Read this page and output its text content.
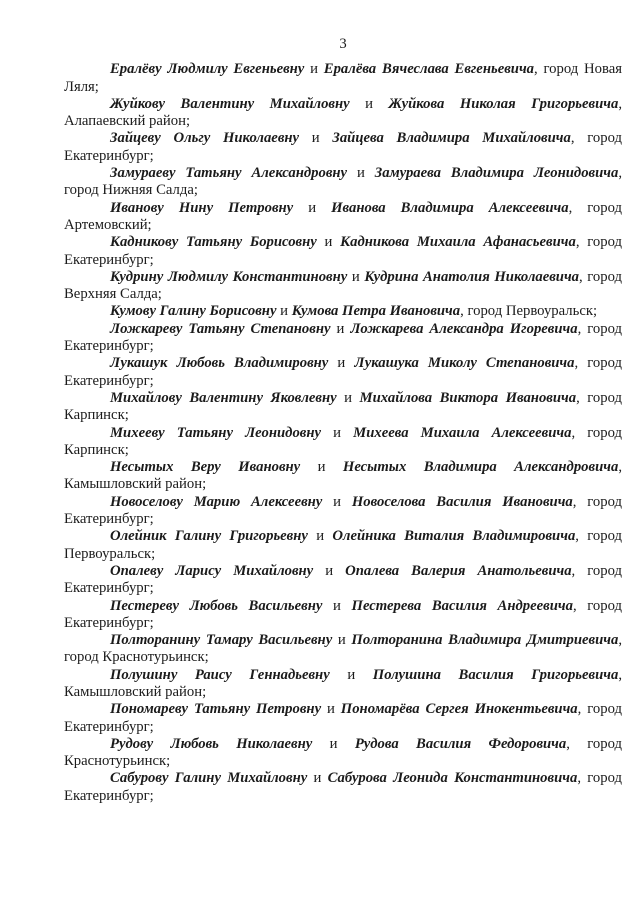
3

Ералёву Людмилу Евгеньевну и Ералёва Вячеслава Евгеньевича, город Новая Ляля;

Жуйкову Валентину Михайловну и Жуйкова Николая Григорьевича, Алапаевский район;

Зайцеву Ольгу Николаевну и Зайцева Владимира Михайловича, город Екатеринбург;

Замураеву Татьяну Александровну и Замураева Владимира Леонидовича, город Нижняя Салда;

Иванову Нину Петровну и Иванова Владимира Алексеевича, город Артемовский;

Кадникову Татьяну Борисовну и Кадникова Михаила Афанасьевича, город Екатеринбург;

Кудрину Людмилу Константиновну и Кудрина Анатолия Николаевича, город Верхняя Салда;

Кумову Галину Борисовну и Кумова Петра Ивановича, город Первоуральск;

Ложкареву Татьяну Степановну и Ложкарева Александра Игоревича, город Екатеринбург;

Лукашук Любовь Владимировну и Лукашука Миколу Степановича, город Екатеринбург;

Михайлову Валентину Яковлевну и Михайлова Виктора Ивановича, город Карпинск;

Михееву Татьяну Леонидовну и Михеева Михаила Алексеевича, город Карпинск;

Несытых Веру Ивановну и Несытых Владимира Александровича, Камышловский район;

Новоселову Марию Алексеевну и Новоселова Василия Ивановича, город Екатеринбург;

Олейник Галину Григорьевну и Олейника Виталия Владимировича, город Первоуральск;

Опалеву Ларису Михайловну и Опалева Валерия Анатольевича, город Екатеринбург;

Пестереву Любовь Васильевну и Пестерева Василия Андреевича, город Екатеринбург;

Полторанину Тамару Васильевну и Полторанина Владимира Дмитриевича, город Краснотурьинск;

Полушину Раису Геннадьевну и Полушина Василия Григорьевича, Камышловский район;

Пономареву Татьяну Петровну и Пономарёва Сергея Инокентьевича, город Екатеринбург;

Рудову Любовь Николаевну и Рудова Василия Федоровича, город Краснотурьинск;

Сабурову Галину Михайловну и Сабурова Леонида Константиновича, город Екатеринбург;
